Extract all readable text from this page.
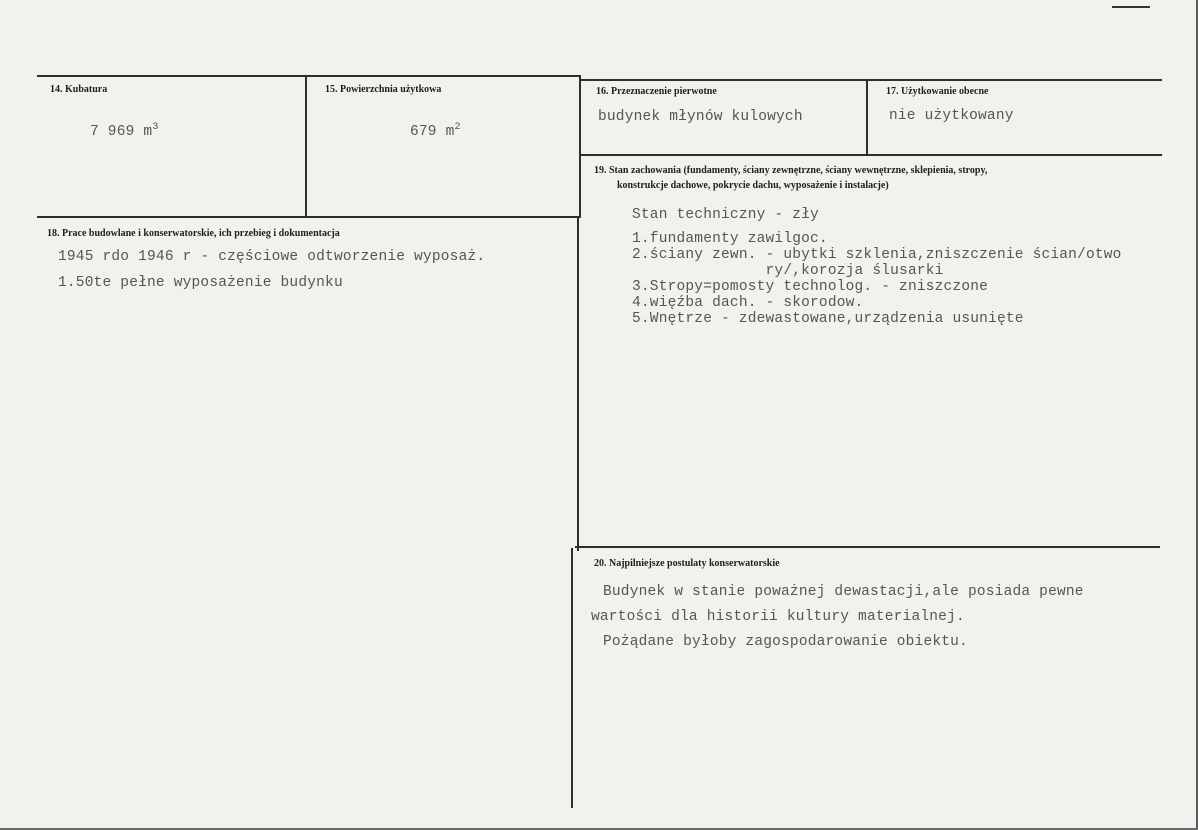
14. Kubatura
7 969 $m^3$
15. Powierzchnia użytkowa
679 $m^2$
16. Przeznaczenie pierwotne
budynek młynów kulowych
17. Użytkowanie obecne
nie użytkowany
19. Stan zachowania (fundamenty, ściany zewnętrzne, ściany wewnętrzne, sklepienia, stropy,
konstrukcje dachowe, pokrycie dachu, wyposażenie i instalacje)
Stan techniczny - zły
1.fundamenty zawilgoc.
2.ściany zewn. - ubytki szklenia,zniszczenie ścian/otwo
ry/,korozja ślusarki
3.Stropy=pomosty technolog. - zniszczone
4.więźba dach. - skorodow.
5.Wnętrze - zdewastowane,urządzenia usunięte
18. Prace budowlane i konserwatorskie, ich przebieg i dokumentacja
1945 rdo 1946 r - częściowe odtworzenie wyposaż.
1.50te pełne wyposażenie budynku
20. Najpilniejsze postulaty konserwatorskie
Budynek w stanie poważnej dewastacji,ale posiada pewne
wartości dla historii kultury materialnej.
Pożądane byłoby zagospodarowanie obiektu.
